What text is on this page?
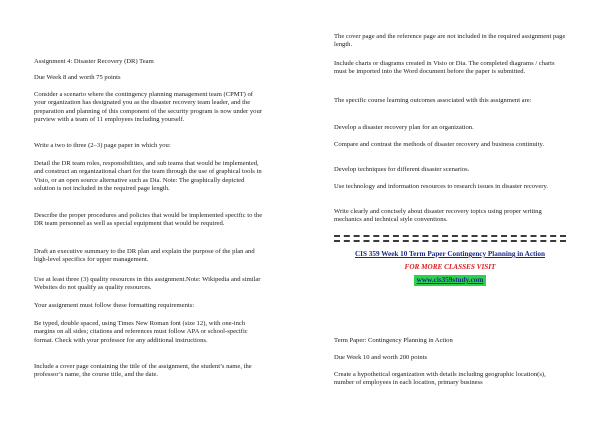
Assignment 4: Disaster Recovery (DR) Team

Due Week 8 and worth 75 points

Consider a scenario where the contingency planning management team (CPMT) of your organization has designated you as the disaster recovery team leader, and the preparation and planning of this component of the security program is now under your purview with a team of 11 employees including yourself.

Write a two to three (2–3) page paper in which you:

Detail the DR team roles, responsibilities, and sub teams that would be implemented, and construct an organizational chart for the team through the use of graphical tools in Visio, or an open source alternative such as Dia. Note: The graphically depicted solution is not included in the required page length.

Describe the proper procedures and policies that would be implemented specific to the DR team personnel as well as special equipment that would be required.

Draft an executive summary to the DR plan and explain the purpose of the plan and high-level specifics for upper management.

Use at least three (3) quality resources in this assignment.Note: Wikipedia and similar Websites do not qualify as quality resources.

Your assignment must follow these formatting requirements:

Be typed, double spaced, using Times New Roman font (size 12), with one-inch margins on all sides; citations and references must follow APA or school-specific format. Check with your professor for any additional instructions.

Include a cover page containing the title of the assignment, the student’s name, the professor’s name, the course title, and the date.

The cover page and the reference page are not included in the required assignment page length.

Include charts or diagrams created in Visio or Dia. The completed diagrams / charts must be imported into the Word document before the paper is submitted.

The specific course learning outcomes associated with this assignment are:

Develop a disaster recovery plan for an organization.

Compare and contrast the methods of disaster recovery and business continuity.

Develop techniques for different disaster scenarios.

Use technology and information resources to research issues in disaster recovery.

Write clearly and concisely about disaster recovery topics using proper writing mechanics and technical style conventions.

CIS 359 Week 10 Term Paper Contingency Planning in Action
FOR MORE CLASSES VISIT
www.cis359study.com

Term Paper: Contingency Planning in Action

Due Week 10 and worth 200 points

Create a hypothetical organization with details including geographic location(s), number of employees in each location, primary business
